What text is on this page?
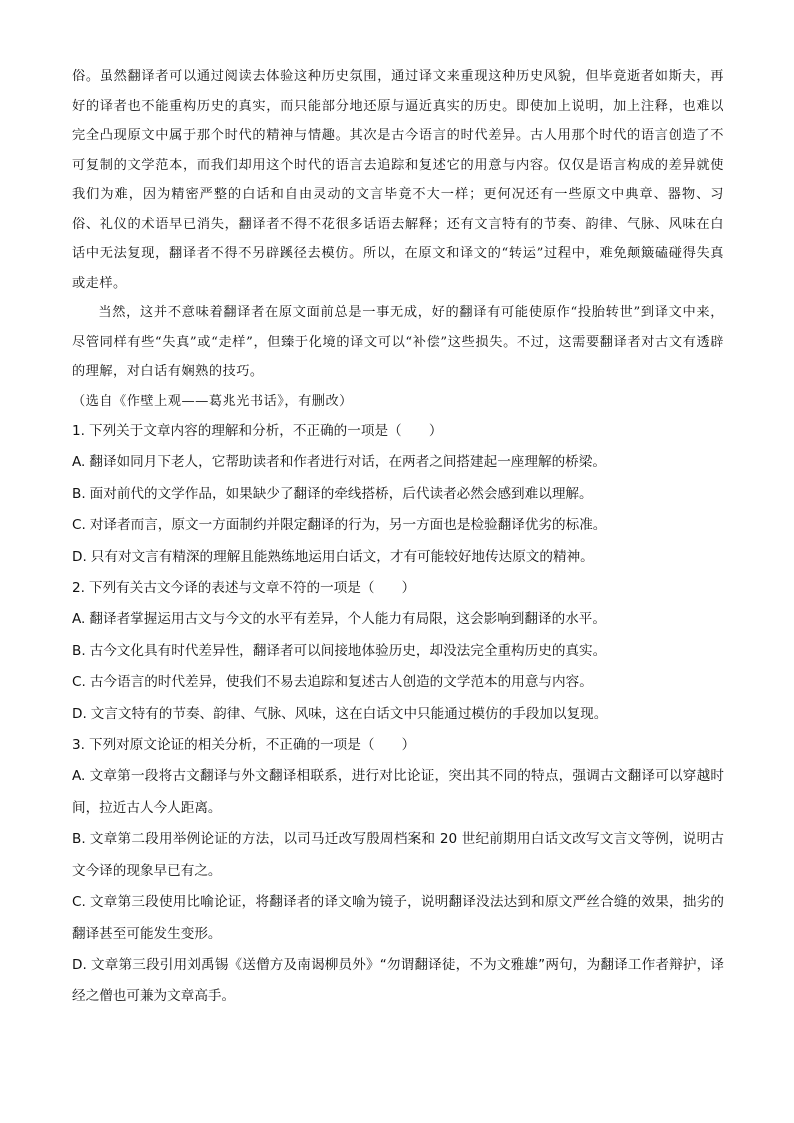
俗。虽然翻译者可以通过阅读去体验这种历史氛围，通过译文来重现这种历史风貌，但毕竟逝者如斯夫，再好的译者也不能重构历史的真实，而只能部分地还原与逼近真实的历史。即使加上说明，加上注释，也难以完全凸现原文中属于那个时代的精神与情趣。其次是古今语言的时代差异。古人用那个时代的语言创造了不可复制的文学范本，而我们却用这个时代的语言去追踪和复述它的用意与内容。仅仅是语言构成的差异就使我们为难，因为精密严整的白话和自由灵动的文言毕竟不大一样；更何况还有一些原文中典章、器物、习俗、礼仪的术语早已消失，翻译者不得不花很多话语去解释；还有文言特有的节奏、韵律、气脉、风味在白话中无法复现，翻译者不得不另辟蹊径去模仿。所以，在原文和译文的“转运”过程中，难免颠簸磕碰得失真或走样。

当然，这并不意味着翻译者在原文面前总是一事无成，好的翻译有可能使原作“投胎转世”到译文中来，尽管同样有些“失真”或“走样”，但臻于化境的译文可以“补偿”这些损失。不过，这需要翻译者对古文有透辟的理解，对白话有娴熟的技巧。

（选自《作壁上观——葛兆光书话》，有删改）

1. 下列关于文章内容的理解和分析，不正确的一项是（　　）

A. 翻译如同月下老人，它帮助读者和作者进行对话，在两者之间搭建起一座理解的桥梁。

B. 面对前代的文学作品，如果缺少了翻译的牵线搭桥，后代读者必然会感到难以理解。

C. 对译者而言，原文一方面制约并限定翻译的行为，另一方面也是检验翻译优劣的标准。

D. 只有对文言有精深的理解且能熟练地运用白话文，才有可能较好地传达原文的精神。

2. 下列有关古文今译的表述与文章不符的一项是（　　）

A. 翻译者掌握运用古文与今文的水平有差异，个人能力有局限，这会影响到翻译的水平。

B. 古今文化具有时代差异性，翻译者可以间接地体验历史，却没法完全重构历史的真实。

C. 古今语言的时代差异，使我们不易去追踪和复述古人创造的文学范本的用意与内容。

D. 文言文特有的节奏、韵律、气脉、风味，这在白话文中只能通过模仿的手段加以复现。

3. 下列对原文论证的相关分析，不正确的一项是（　　）

A. 文章第一段将古文翻译与外文翻译相联系，进行对比论证，突出其不同的特点，强调古文翻译可以穿越时间，拉近古人今人距离。

B. 文章第二段用举例论证的方法，以司马迁改写殷周档案和 20 世纪前期用白话文改写文言文等例，说明古文今译的现象早已有之。

C. 文章第三段使用比喻论证，将翻译者的译文喻为镜子，说明翻译没法达到和原文严丝合缝的效果，拙劣的翻译甚至可能发生变形。

D. 文章第三段引用刘禹锡《送僧方及南谒柳员外》“勿谓翻译徒，不为文雅雄”两句，为翻译工作者辩护，译经之僧也可兼为文章高手。
